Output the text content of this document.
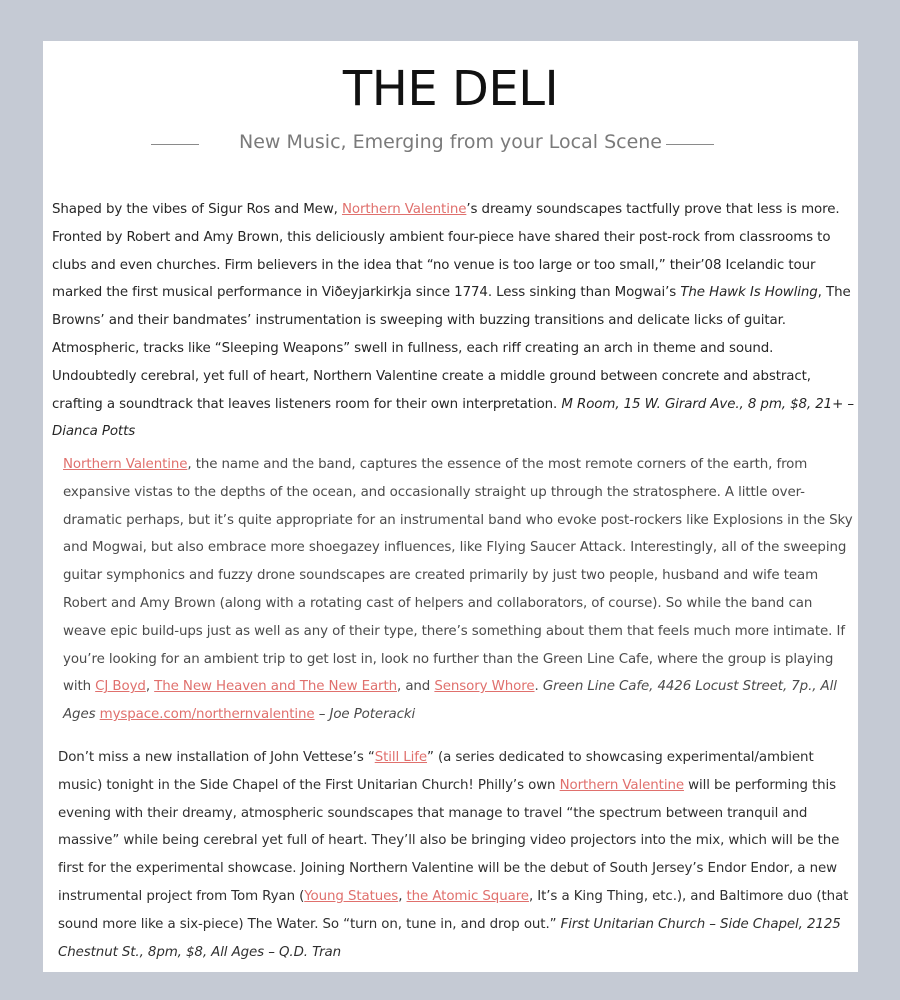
THE DELI
New Music, Emerging from your Local Scene
Shaped by the vibes of Sigur Ros and Mew, Northern Valentine’s dreamy soundscapes tactfully prove that less is more. Fronted by Robert and Amy Brown, this deliciously ambient four-piece have shared their post-rock from classrooms to clubs and even churches. Firm believers in the idea that “no venue is too large or too small,” their’08 Icelandic tour marked the first musical performance in Viðeyjarkirkja since 1774. Less sinking than Mogwai’s The Hawk Is Howling, The Browns’ and their bandmates’ instrumentation is sweeping with buzzing transitions and delicate licks of guitar. Atmospheric, tracks like “Sleeping Weapons” swell in fullness, each riff creating an arch in theme and sound. Undoubtedly cerebral, yet full of heart, Northern Valentine create a middle ground between concrete and abstract, crafting a soundtrack that leaves listeners room for their own interpretation. M Room, 15 W. Girard Ave., 8 pm, $8, 21+ – Dianca Potts
Northern Valentine, the name and the band, captures the essence of the most remote corners of the earth, from expansive vistas to the depths of the ocean, and occasionally straight up through the stratosphere. A little over-dramatic perhaps, but it’s quite appropriate for an instrumental band who evoke post-rockers like Explosions in the Sky and Mogwai, but also embrace more shoegazey influences, like Flying Saucer Attack. Interestingly, all of the sweeping guitar symphonics and fuzzy drone soundscapes are created primarily by just two people, husband and wife team Robert and Amy Brown (along with a rotating cast of helpers and collaborators, of course). So while the band can weave epic build-ups just as well as any of their type, there’s something about them that feels much more intimate. If you’re looking for an ambient trip to get lost in, look no further than the Green Line Cafe, where the group is playing with CJ Boyd, The New Heaven and The New Earth, and Sensory Whore. Green Line Cafe, 4426 Locust Street, 7p., All Ages myspace.com/northernvalentine – Joe Poteracki
Don’t miss a new installation of John Vettese’s “Still Life” (a series dedicated to showcasing experimental/ambient music) tonight in the Side Chapel of the First Unitarian Church! Philly’s own Northern Valentine will be performing this evening with their dreamy, atmospheric soundscapes that manage to travel “the spectrum between tranquil and massive” while being cerebral yet full of heart. They’ll also be bringing video projectors into the mix, which will be the first for the experimental showcase. Joining Northern Valentine will be the debut of South Jersey’s Endor Endor, a new instrumental project from Tom Ryan (Young Statues, the Atomic Square, It’s a King Thing, etc.), and Baltimore duo (that sound more like a six-piece) The Water. So “turn on, tune in, and drop out.” First Unitarian Church – Side Chapel, 2125 Chestnut St., 8pm, $8, All Ages – Q.D. Tran
